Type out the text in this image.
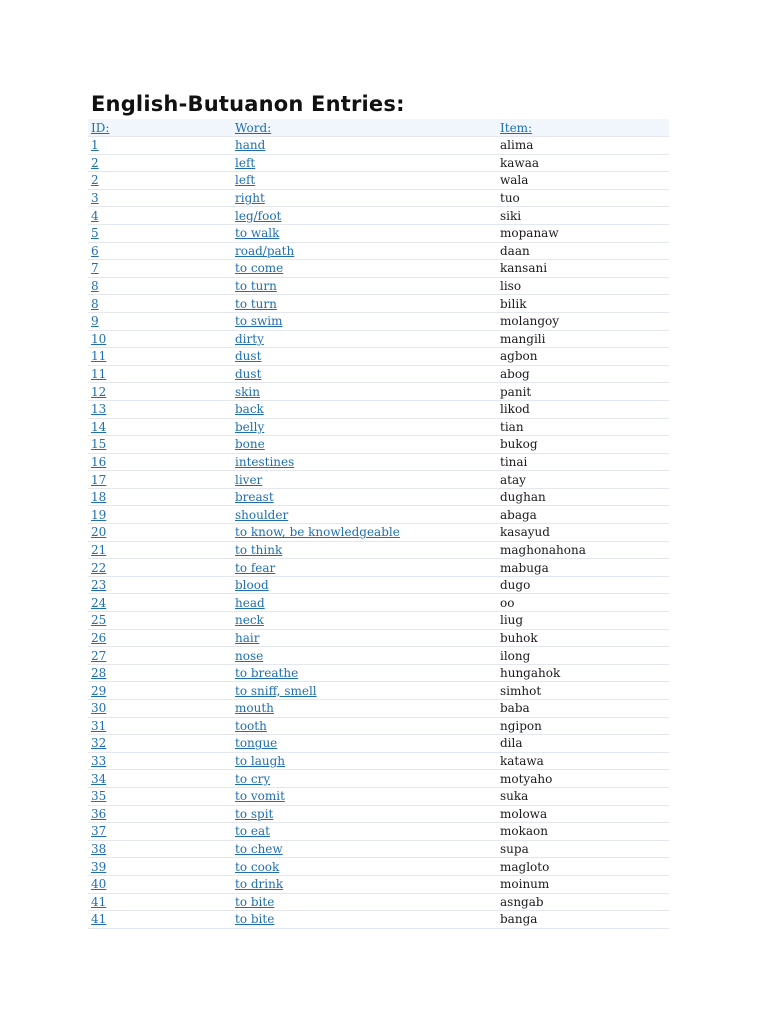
English-Butuanon Entries:
ID:	Word:	Item:
1	hand	alima
2	left	kawaa
2	left	wala
3	right	tuo
4	leg/foot	siki
5	to walk	mopanaw
6	road/path	daan
7	to come	kansani
8	to turn	liso
8	to turn	bilik
9	to swim	molangoy
10	dirty	mangili
11	dust	agbon
11	dust	abog
12	skin	panit
13	back	likod
14	belly	tian
15	bone	bukog
16	intestines	tinai
17	liver	atay
18	breast	dughan
19	shoulder	abaga
20	to know, be knowledgeable	kasayud
21	to think	maghonahona
22	to fear	mabuga
23	blood	dugo
24	head	oo
25	neck	liug
26	hair	buhok
27	nose	ilong
28	to breathe	hungahok
29	to sniff, smell	simhot
30	mouth	baba
31	tooth	ngipon
32	tongue	dila
33	to laugh	katawa
34	to cry	motyaho
35	to vomit	suka
36	to spit	molowa
37	to eat	mokaon
38	to chew	supa
39	to cook	magloto
40	to drink	moinum
41	to bite	asngab
41	to bite	banga
